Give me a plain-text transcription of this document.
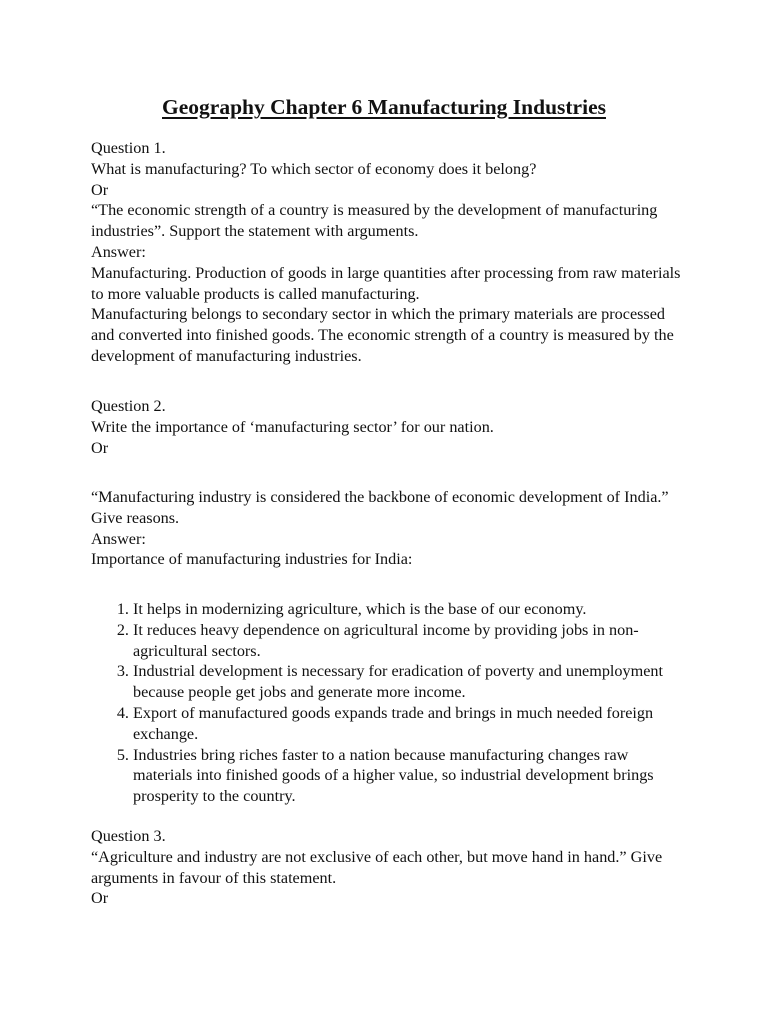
Geography Chapter 6 Manufacturing Industries

Question 1.

What is manufacturing? To which sector of economy does it belong?

Or

“The economic strength of a country is measured by the development of manufacturing industries”. Support the statement with arguments.

Answer:

Manufacturing. Production of goods in large quantities after processing from raw materials to more valuable products is called manufacturing.

Manufacturing belongs to secondary sector in which the primary materials are processed and converted into finished goods. The economic strength of a country is measured by the development of manufacturing industries.

Question 2.

Write the importance of ‘manufacturing sector’ for our nation.

Or

“Manufacturing industry is considered the backbone of economic development of India.” Give reasons.

Answer:

Importance of manufacturing industries for India:

1. It helps in modernizing agriculture, which is the base of our economy.
2. It reduces heavy dependence on agricultural income by providing jobs in non-agricultural sectors.
3. Industrial development is necessary for eradication of poverty and unemployment because people get jobs and generate more income.
4. Export of manufactured goods expands trade and brings in much needed foreign exchange.
5. Industries bring riches faster to a nation because manufacturing changes raw materials into finished goods of a higher value, so industrial development brings prosperity to the country.

Question 3.

“Agriculture and industry are not exclusive of each other, but move hand in hand.” Give arguments in favour of this statement.

Or
